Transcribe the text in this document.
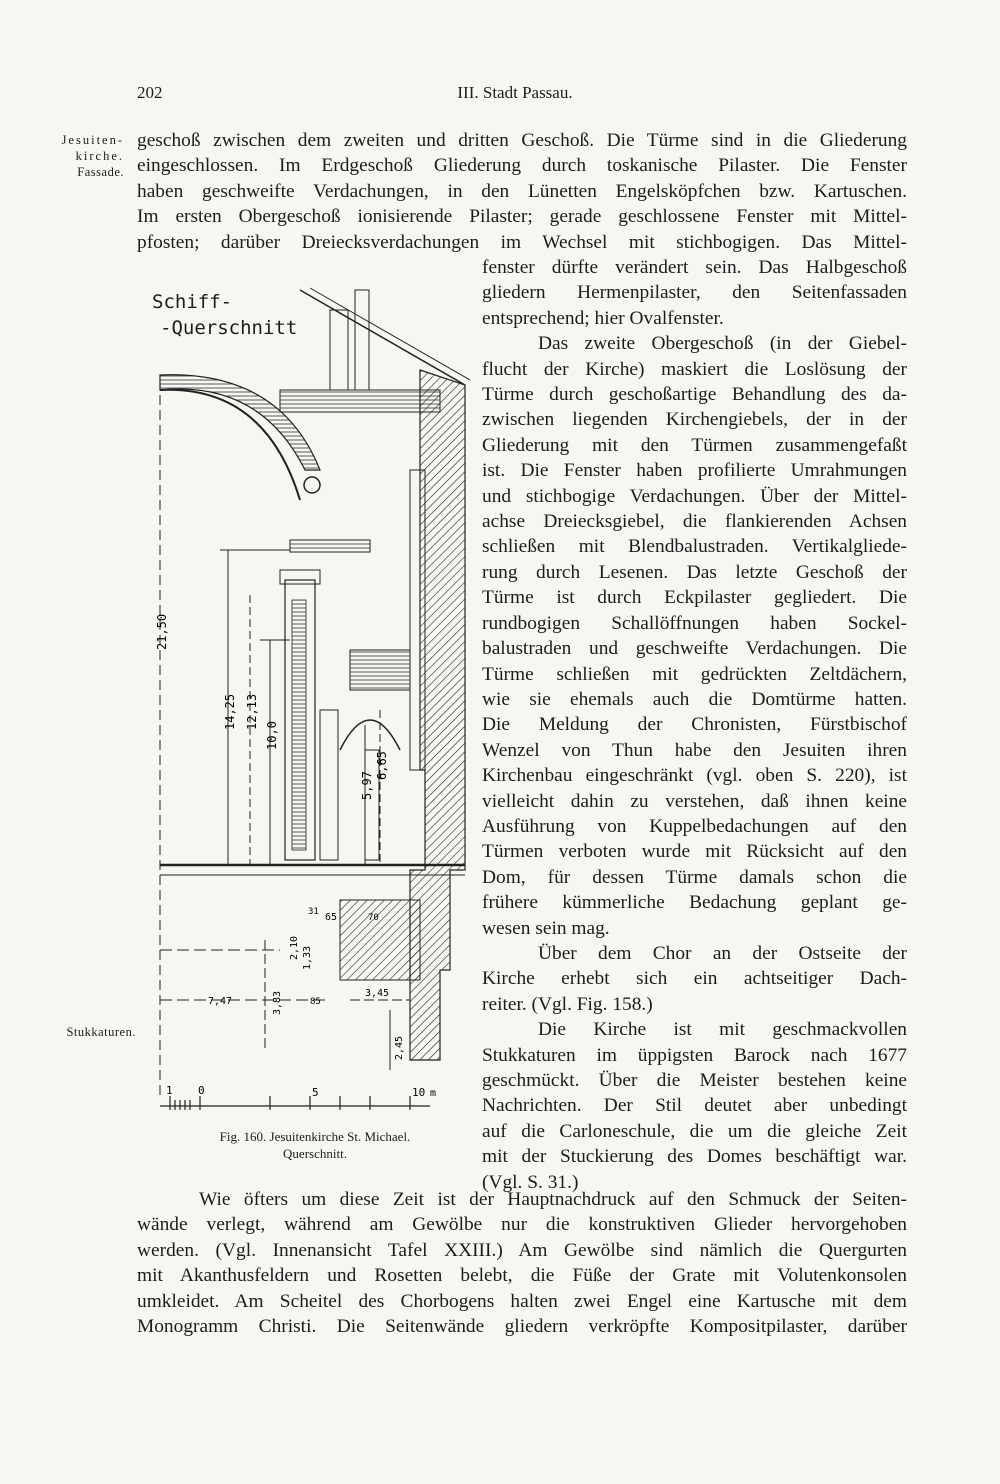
202	III. Stadt Passau.
Jesuiten-
kirche.
Fassade.
Stukkaturen.
geschoß zwischen dem zweiten und dritten Geschoß. Die Türme sind in die Gliederung
eingeschlossen. Im Erdgeschoß Gliederung durch toskanische Pilaster. Die Fenster
haben geschweifte Verdachungen, in den Lünetten Engelsköpfchen bzw. Kartuschen.
Im ersten Obergeschoß ionisierende Pilaster; gerade geschlossene Fenster mit Mittel-
pfosten; darüber Dreiecksverdachungen im Wechsel mit stichbogigen. Das Mittel-
fenster dürfte verändert sein. Das Halbgeschoß
gliedern Hermenpilaster, den Seitenfassaden
entsprechend; hier Ovalfenster.
Das zweite Obergeschoß (in der Giebel-
flucht der Kirche) maskiert die Loslösung der
Türme durch geschoßartige Behandlung des da-
zwischen liegenden Kirchengiebels, der in der
Gliederung mit den Türmen zusammengefaßt
ist. Die Fenster haben profilierte Umrahmungen
und stichbogige Verdachungen. Über der Mittel-
achse Dreiecksgiebel, die flankierenden Achsen
schließen mit Blendbalustraden. Vertikalgliede-
rung durch Lesenen. Das letzte Geschoß der
Türme ist durch Eckpilaster gegliedert. Die
rundbogigen Schallöffnungen haben Sockel-
balustraden und geschweifte Verdachungen. Die
Türme schließen mit gedrückten Zeltdächern,
wie sie ehemals auch die Domtürme hatten.
Die Meldung der Chronisten, Fürstbischof
Wenzel von Thun habe den Jesuiten ihren
Kirchenbau eingeschränkt (vgl. oben S. 220), ist
vielleicht dahin zu verstehen, daß ihnen keine
Ausführung von Kuppelbedachungen auf den
Türmen verboten wurde mit Rücksicht auf den
Dom, für dessen Türme damals schon die
frühere kümmerliche Bedachung geplant ge-
wesen sein mag.
Über dem Chor an der Ostseite der
Kirche erhebt sich ein achtseitiger Dach-
reiter. (Vgl. Fig. 158.)
Die Kirche ist mit geschmackvollen
Stukkaturen im üppigsten Barock nach 1677
geschmückt. Über die Meister bestehen keine
Nachrichten. Der Stil deutet aber unbedingt
auf die Carloneschule, die um die gleiche Zeit
mit der Stuckierung des Domes beschäftigt war.
(Vgl. S. 31.)
Schiff-
-Querschnitt
21,50
14,25 12,13
10,0
5,97
6,65
2,10 1,33
3,83
7,47
3,45
2,45
65
31
70
85
1 0	5	10 m
Fig. 160. Jesuitenkirche St. Michael.
Querschnitt.
Wie öfters um diese Zeit ist der Hauptnachdruck auf den Schmuck der Seiten-
wände verlegt, während am Gewölbe nur die konstruktiven Glieder hervorgehoben
werden. (Vgl. Innenansicht Tafel XXIII.) Am Gewölbe sind nämlich die Quergurten
mit Akanthusfeldern und Rosetten belebt, die Füße der Grate mit Volutenkonsolen
umkleidet. Am Scheitel des Chorbogens halten zwei Engel eine Kartusche mit dem
Monogramm Christi. Die Seitenwände gliedern verkröpfte Kompositpilaster, darüber
